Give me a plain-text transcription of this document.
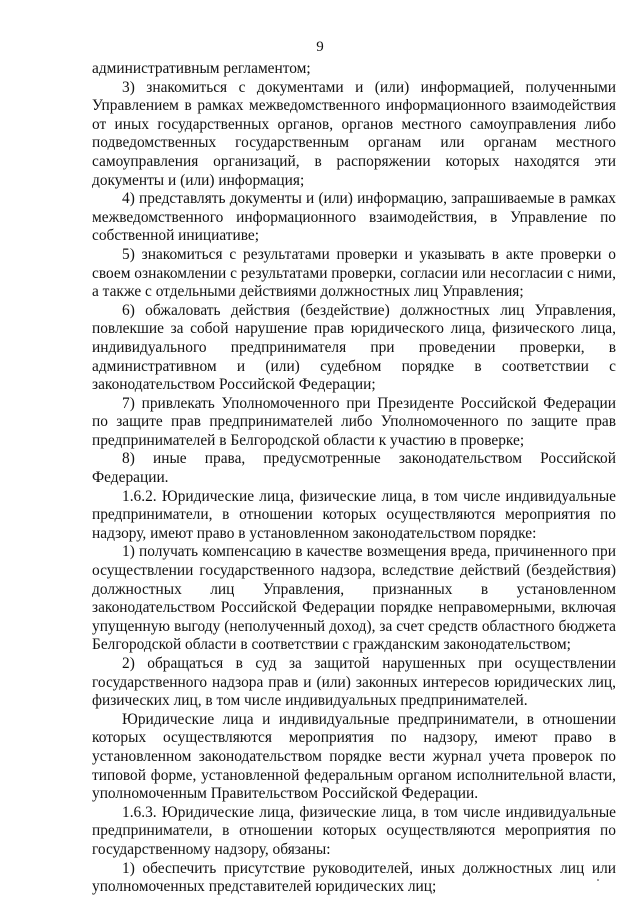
9

административным регламентом;

3) знакомиться с документами и (или) информацией, полученными Управлением в рамках межведомственного информационного взаимодействия от иных государственных органов, органов местного самоуправления либо подведомственных государственным органам или органам местного самоуправления организаций, в распоряжении которых находятся эти документы и (или) информация;

4) представлять документы и (или) информацию, запрашиваемые в рамках межведомственного информационного взаимодействия, в Управление по собственной инициативе;

5) знакомиться с результатами проверки и указывать в акте проверки о своем ознакомлении с результатами проверки, согласии или несогласии с ними, а также с отдельными действиями должностных лиц Управления;

6) обжаловать действия (бездействие) должностных лиц Управления, повлекшие за собой нарушение прав юридического лица, физического лица, индивидуального предпринимателя при проведении проверки, в административном и (или) судебном порядке в соответствии с законодательством Российской Федерации;

7) привлекать Уполномоченного при Президенте Российской Федерации по защите прав предпринимателей либо Уполномоченного по защите прав предпринимателей в Белгородской области к участию в проверке;

8) иные права, предусмотренные законодательством Российской Федерации.

1.6.2. Юридические лица, физические лица, в том числе индивидуальные предприниматели, в отношении которых осуществляются мероприятия по надзору, имеют право в установленном законодательством порядке:

1) получать компенсацию в качестве возмещения вреда, причиненного при осуществлении государственного надзора, вследствие действий (бездействия) должностных лиц Управления, признанных в установленном законодательством Российской Федерации порядке неправомерными, включая упущенную выгоду (неполученный доход), за счет средств областного бюджета Белгородской области в соответствии с гражданским законодательством;

2) обращаться в суд за защитой нарушенных при осуществлении государственного надзора прав и (или) законных интересов юридических лиц, физических лиц, в том числе индивидуальных предпринимателей.

Юридические лица и индивидуальные предприниматели, в отношении которых осуществляются мероприятия по надзору, имеют право в установленном законодательством порядке вести журнал учета проверок по типовой форме, установленной федеральным органом исполнительной власти, уполномоченным Правительством Российской Федерации.

1.6.3. Юридические лица, физические лица, в том числе индивидуальные предприниматели, в отношении которых осуществляются мероприятия по государственному надзору, обязаны:

1) обеспечить присутствие руководителей, иных должностных лиц или уполномоченных представителей юридических лиц;
